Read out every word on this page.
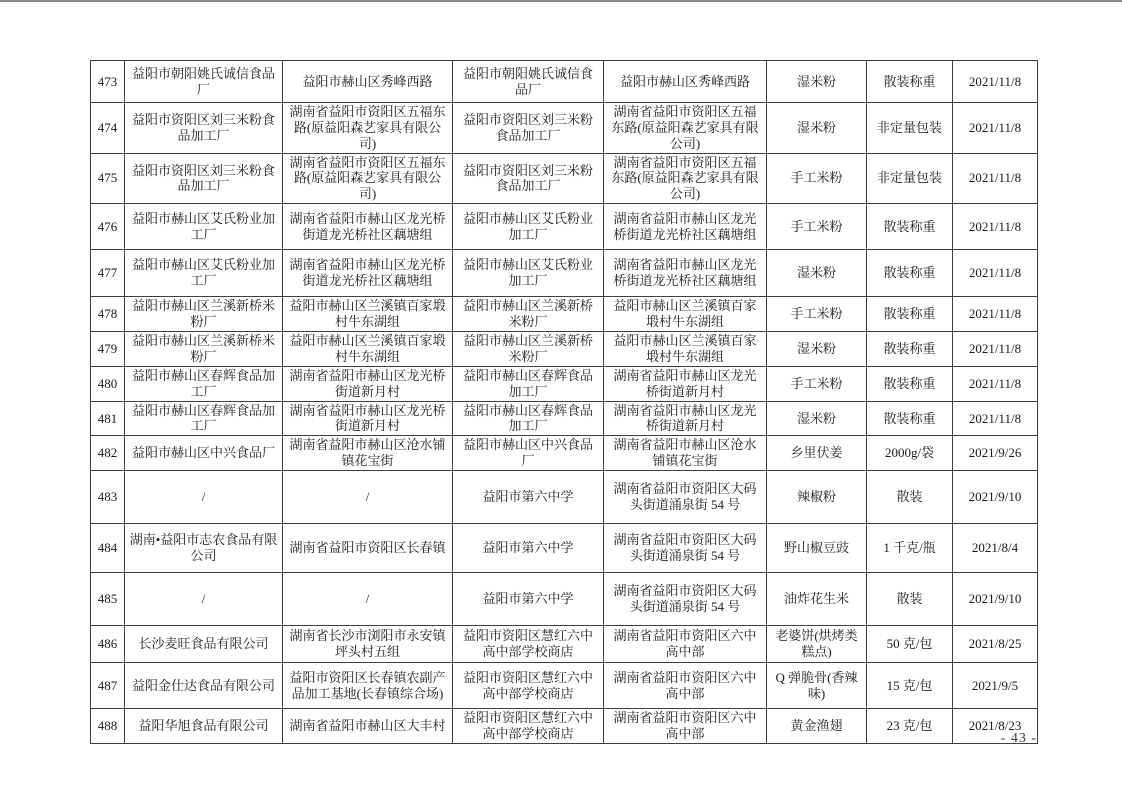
473	益阳市朝阳姚氏诚信食品厂	益阳市赫山区秀峰西路	益阳市朝阳姚氏诚信食品厂	益阳市赫山区秀峰西路	湿米粉	散装称重	2021/11/8
474	益阳市资阳区刘三米粉食品加工厂	湖南省益阳市资阳区五福东路(原益阳森艺家具有限公司)	益阳市资阳区刘三米粉食品加工厂	湖南省益阳市资阳区五福东路(原益阳森艺家具有限公司)	湿米粉	非定量包装	2021/11/8
475	益阳市资阳区刘三米粉食品加工厂	湖南省益阳市资阳区五福东路(原益阳森艺家具有限公司)	益阳市资阳区刘三米粉食品加工厂	湖南省益阳市资阳区五福东路(原益阳森艺家具有限公司)	手工米粉	非定量包装	2021/11/8
476	益阳市赫山区艾氏粉业加工厂	湖南省益阳市赫山区龙光桥街道龙光桥社区藕塘组	益阳市赫山区艾氏粉业加工厂	湖南省益阳市赫山区龙光桥街道龙光桥社区藕塘组	手工米粉	散装称重	2021/11/8
477	益阳市赫山区艾氏粉业加工厂	湖南省益阳市赫山区龙光桥街道龙光桥社区藕塘组	益阳市赫山区艾氏粉业加工厂	湖南省益阳市赫山区龙光桥街道龙光桥社区藕塘组	湿米粉	散装称重	2021/11/8
478	益阳市赫山区兰溪新桥米粉厂	益阳市赫山区兰溪镇百家塅村牛东湖组	益阳市赫山区兰溪新桥米粉厂	益阳市赫山区兰溪镇百家塅村牛东湖组	手工米粉	散装称重	2021/11/8
479	益阳市赫山区兰溪新桥米粉厂	益阳市赫山区兰溪镇百家塅村牛东湖组	益阳市赫山区兰溪新桥米粉厂	益阳市赫山区兰溪镇百家塅村牛东湖组	湿米粉	散装称重	2021/11/8
480	益阳市赫山区春辉食品加工厂	湖南省益阳市赫山区龙光桥街道新月村	益阳市赫山区春辉食品加工厂	湖南省益阳市赫山区龙光桥街道新月村	手工米粉	散装称重	2021/11/8
481	益阳市赫山区春辉食品加工厂	湖南省益阳市赫山区龙光桥街道新月村	益阳市赫山区春辉食品加工厂	湖南省益阳市赫山区龙光桥街道新月村	湿米粉	散装称重	2021/11/8
482	益阳市赫山区中兴食品厂	湖南省益阳市赫山区沧水铺镇花宝街	益阳市赫山区中兴食品厂	湖南省益阳市赫山区沧水铺镇花宝街	乡里伏姜	2000g/袋	2021/9/26
483	/	/	益阳市第六中学	湖南省益阳市资阳区大码头街道涌泉街 54 号	辣椒粉	散装	2021/9/10
484	湖南•益阳市志农食品有限公司	湖南省益阳市资阳区长春镇	益阳市第六中学	湖南省益阳市资阳区大码头街道涌泉街 54 号	野山椒豆豉	1 千克/瓶	2021/8/4
485	/	/	益阳市第六中学	湖南省益阳市资阳区大码头街道涌泉街 54 号	油炸花生米	散装	2021/9/10
486	长沙麦旺食品有限公司	湖南省长沙市浏阳市永安镇坪头村五组	益阳市资阳区慧红六中高中部学校商店	湖南省益阳市资阳区六中高中部	老婆饼(烘烤类糕点)	50 克/包	2021/8/25
487	益阳金仕达食品有限公司	益阳市资阳区长春镇农副产品加工基地(长春镇综合场)	益阳市资阳区慧红六中高中部学校商店	湖南省益阳市资阳区六中高中部	Q 弹脆骨(香辣味)	15 克/包	2021/9/5
488	益阳华旭食品有限公司	湖南省益阳市赫山区大丰村	益阳市资阳区慧红六中高中部学校商店	湖南省益阳市资阳区六中高中部	黄金渔翅	23 克/包	2021/8/23
- 43 -
